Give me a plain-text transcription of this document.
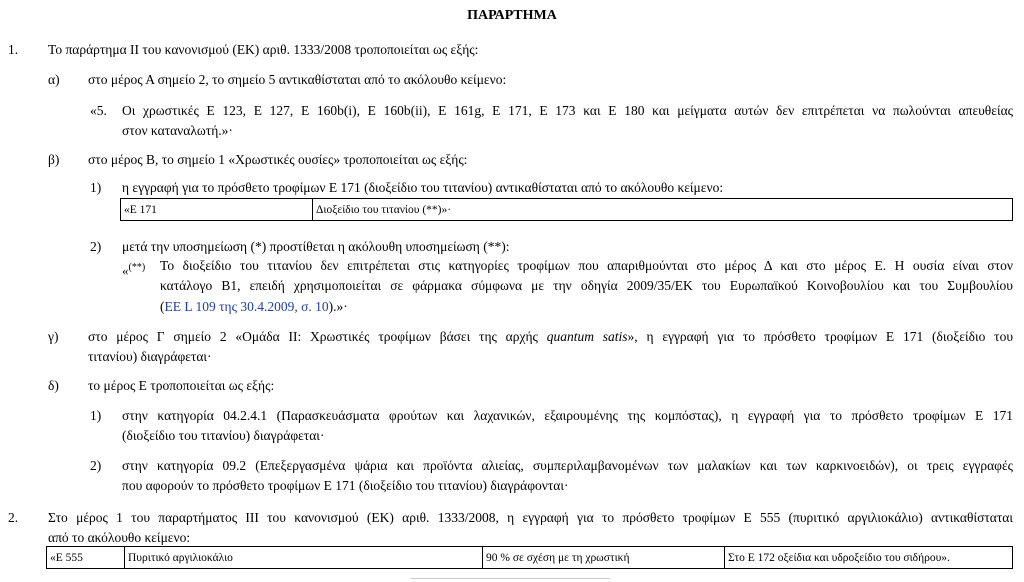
ΠΑΡΑΡΤΗΜΑ
1. Το παράρτημα ΙΙ του κανονισμού (ΕΚ) αριθ. 1333/2008 τροποποιείται ως εξής:
α) στο μέρος Α σημείο 2, το σημείο 5 αντικαθίσταται από το ακόλουθο κείμενο:
«5. Οι χρωστικές Ε 123, Ε 127, Ε 160b(i), Ε 160b(ii), Ε 161g, Ε 171, Ε 173 και Ε 180 και μείγματα αυτών δεν επιτρέπεται να πωλούνται απευθείας
στον καταναλωτή.»·
β) στο μέρος Β, το σημείο 1 «Χρωστικές ουσίες» τροποποιείται ως εξής:
1) η εγγραφή για το πρόσθετο τροφίμων Ε 171 (διοξείδιο του τιτανίου) αντικαθίσταται από το ακόλουθο κείμενο:
«Ε 171	Διοξείδιο του τιτανίου (**)»·
2) μετά την υποσημείωση (*) προστίθεται η ακόλουθη υποσημείωση (**):
«(**) Το διοξείδιο του τιτανίου δεν επιτρέπεται στις κατηγορίες τροφίμων που απαριθμούνται στο μέρος Δ και στο μέρος Ε. Η ουσία είναι στον
κατάλογο Β1, επειδή χρησιμοποιείται σε φάρμακα σύμφωνα με την οδηγία 2009/35/ΕΚ του Ευρωπαϊκού Κοινοβουλίου και του Συμβουλίου
(ΕΕ L 109 της 30.4.2009, σ. 10).»·
γ) στο μέρος Γ σημείο 2 «Ομάδα ΙΙ: Χρωστικές τροφίμων βάσει της αρχής quantum satis», η εγγραφή για το πρόσθετο τροφίμων Ε 171 (διοξείδιο του
τιτανίου) διαγράφεται·
δ) το μέρος Ε τροποποιείται ως εξής:
1) στην κατηγορία 04.2.4.1 (Παρασκευάσματα φρούτων και λαχανικών, εξαιρουμένης της κομπόστας), η εγγραφή για το πρόσθετο τροφίμων Ε 171
(διοξείδιο του τιτανίου) διαγράφεται·
2) στην κατηγορία 09.2 (Επεξεργασμένα ψάρια και προϊόντα αλιείας, συμπεριλαμβανομένων των μαλακίων και των καρκινοειδών), οι τρεις εγγραφές
που αφορούν το πρόσθετο τροφίμων Ε 171 (διοξείδιο του τιτανίου) διαγράφονται·
2. Στο μέρος 1 του παραρτήματος ΙΙΙ του κανονισμού (ΕΚ) αριθ. 1333/2008, η εγγραφή για το πρόσθετο τροφίμων Ε 555 (πυριτικό αργιλιοκάλιο) αντικαθίσταται
από το ακόλουθο κείμενο:
«Ε 555	Πυριτικό αργιλιοκάλιο	90 % σε σχέση με τη χρωστική	Στο Ε 172 οξείδια και υδροξείδιο του σιδήρου».
